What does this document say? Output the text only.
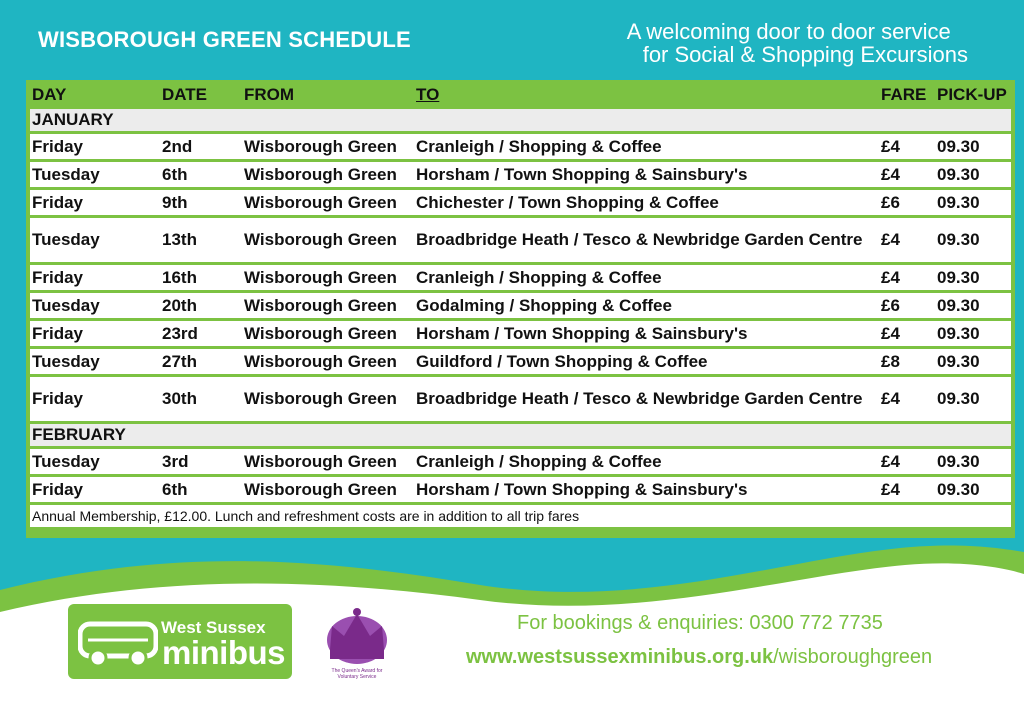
WISBOROUGH GREEN SCHEDULE	A welcoming door to door service
for Social & Shopping Excursions
DAY	DATE	FROM	TO	FARE	PICK-UP
JANUARY					
Friday	2nd	Wisborough Green	Cranleigh / Shopping & Coffee	£4	09.30
Tuesday	6th	Wisborough Green	Horsham / Town Shopping & Sainsbury's	£4	09.30
Friday	9th	Wisborough Green	Chichester / Town Shopping & Coffee	£6	09.30
Tuesday	13th	Wisborough Green	Broadbridge Heath / Tesco & Newbridge Garden Centre	£4	09.30
Friday	16th	Wisborough Green	Cranleigh / Shopping & Coffee	£4	09.30
Tuesday	20th	Wisborough Green	Godalming / Shopping & Coffee	£6	09.30
Friday	23rd	Wisborough Green	Horsham / Town Shopping & Sainsbury's	£4	09.30
Tuesday	27th	Wisborough Green	Guildford / Town Shopping & Coffee	£8	09.30
Friday	30th	Wisborough Green	Broadbridge Heath / Tesco & Newbridge Garden Centre	£4	09.30
FEBRUARY					
Tuesday	3rd	Wisborough Green	Cranleigh / Shopping & Coffee	£4	09.30
Friday	6th	Wisborough Green	Horsham / Town Shopping & Sainsbury's	£4	09.30
Annual Membership, £12.00. Lunch and refreshment costs are in addition to all trip fares					
West Sussex
minibus	The Queen's Award for Voluntary Service
For bookings & enquiries: 0300 772 7735
www.westsussexminibus.org.uk/wisboroughgreen
